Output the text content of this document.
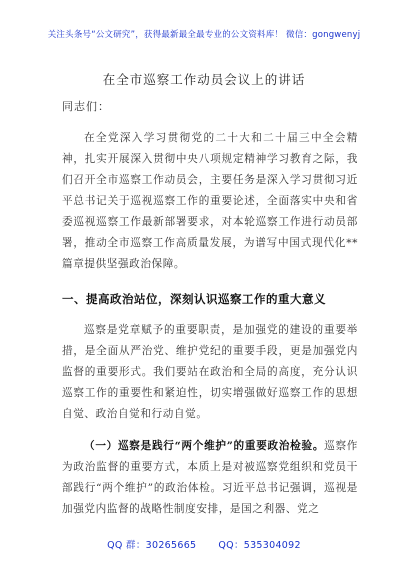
关注头条号“公文研究”，获得最新最全最专业的公文资料库！ 微信：gongwenyj
在全市巡察工作动员会议上的讲话
同志们：

在全党深入学习贯彻党的二十大和二十届三中全会精神，扎实开展深入贯彻中央八项规定精神学习教育之际，我们召开全市巡察工作动员会，主要任务是深入学习贯彻习近平总书记关于巡视巡察工作的重要论述，全面落实中央和省委巡视巡察工作最新部署要求，对本轮巡察工作进行动员部署，推动全市巡察工作高质量发展，为谱写中国式现代化**篇章提供坚强政治保障。

一、提高政治站位，深刻认识巡察工作的重大意义

巡察是党章赋予的重要职责，是加强党的建设的重要举措，是全面从严治党、维护党纪的重要手段，更是加强党内监督的重要形式。我们要站在政治和全局的高度，充分认识巡察工作的重要性和紧迫性，切实增强做好巡察工作的思想自觉、政治自觉和行动自觉。

（一）巡察是践行“两个维护”的重要政治检验。巡察作为政治监督的重要方式，本质上是对被巡察党组织和党员干部践行“两个维护”的政治体检。习近平总书记强调，巡视是加强党内监督的战略性制度安排，是国之利器、党之

QQ 群：30265665 QQ：535304092
